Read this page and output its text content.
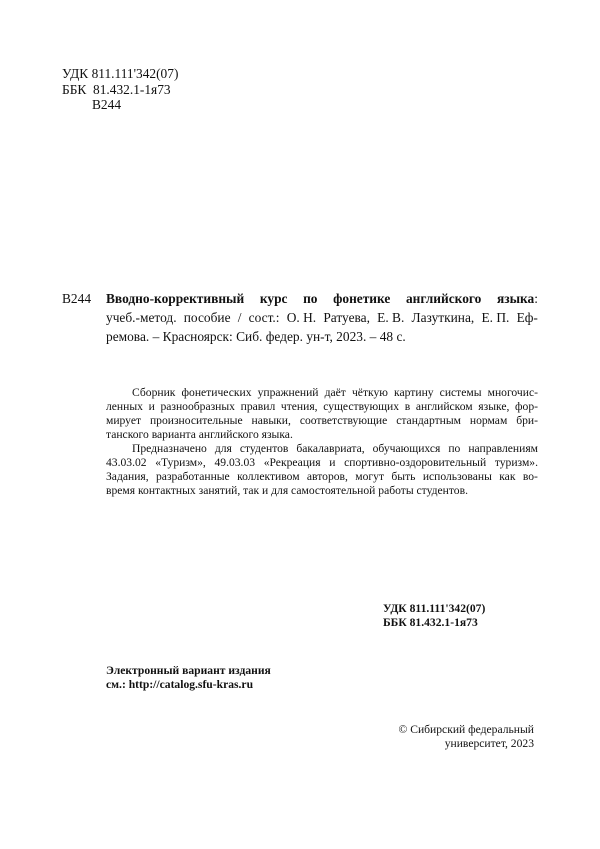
УДК
811.111'342(07)
ББК
81.432.1-1я73
В244
В244 Вводно-коррективный курс по фонетике английского языка:
учеб.-метод. пособие / сост.: О. Н. Ратуева, Е. В. Лазуткина, Е. П. Еф-
ремова. – Красноярск: Сиб. федер. ун-т, 2023. – 48 с.
Сборник фонетических упражнений даёт чёткую картину системы многочис-
ленных и разнообразных правил чтения, существующих в английском языке, фор-
мирует произносительные навыки, соответствующие стандартным нормам бри-
танского варианта английского языка.
Предназначено для студентов бакалавриата, обучающихся по направлениям
43.03.02 «Туризм», 49.03.03 «Рекреация и спортивно-оздоровительный туризм».
Задания, разработанные коллективом авторов, могут быть использованы как во-
время контактных занятий, так и для самостоятельной работы студентов.
УДК 811.111'342(07)
ББК 81.432.1-1я73
Электронный вариант издания
см.: http://catalog.sfu-kras.ru
© Сибирский федеральный
университет, 2023
